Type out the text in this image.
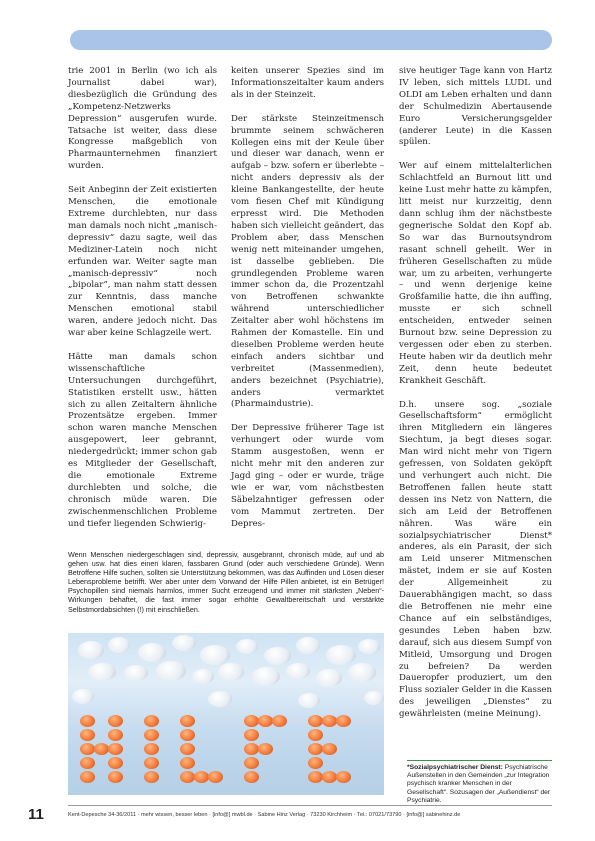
trie 2001 in Berlin (wo ich als Journalist dabei war), diesbezüglich die Gründung des „Kompetenz-Netzwerks Depression“ ausgerufen wurde. Tatsache ist weiter, dass diese Kongresse maßgeblich von Pharmaunternehmen finanziert wurden.

Seit Anbeginn der Zeit existierten Menschen, die emotionale Extreme durchlebten, nur dass man damals noch nicht „manisch-depressiv“ dazu sagte, weil das Mediziner-Latein noch nicht erfunden war. Weiter sagte man „manisch-depressiv“ noch „bipolar“, man nahm statt dessen zur Kenntnis, dass manche Menschen emotional stabil waren, andere jedoch nicht. Das war aber keine Schlagzeile wert.

Hätte man damals schon wissenschaftliche Untersuchungen durchgeführt, Statistiken erstellt usw., hätten sich zu allen Zeitaltern ähnliche Prozentsätze ergeben. Immer schon waren manche Menschen ausgepowert, leer gebrannt, niedergedrückt; immer schon gab es Mitglieder der Gesellschaft, die emotionale Extreme durchlebten und solche, die chronisch müde waren. Die zwischenmenschlichen Probleme und tiefer liegenden Schwierig-

keiten unserer Spezies sind im Informationszeitalter kaum anders als in der Steinzeit.

Der stärkste Steinzeitmensch brummte seinem schwächeren Kollegen eins mit der Keule über und dieser war danach, wenn er aufgab – bzw. sofern er überlebte – nicht anders depressiv als der kleine Bankangestellte, der heute vom fiesen Chef mit Kündigung erpresst wird. Die Methoden haben sich vielleicht geändert, das Problem aber, dass Menschen wenig nett miteinander umgehen, ist dasselbe geblieben. Die grundlegenden Probleme waren immer schon da, die Prozentzahl von Betroffenen schwankte während unterschiedlicher Zeitalter aber wohl höchstens im Rahmen der Komastelle. Ein und dieselben Probleme werden heute einfach anders sichtbar und verbreitet (Massenmedien), anders bezeichnet (Psychiatrie), anders vermarktet (Pharmaindustrie).

Der Depressive früherer Tage ist verhungert oder wurde vom Stamm ausgestoßen, wenn er nicht mehr mit den anderen zur Jagd ging – oder er wurde, träge wie er war, vom nächstbesten Säbelzahntiger gefressen oder vom Mammut zertreten. Der Depres-

sive heutiger Tage kann von Hartz IV leben, sich mittels LUDL und OLDI am Leben erhalten und dann der Schulmedizin Abertausende Euro Versicherungsgelder (anderer Leute) in die Kassen spülen.

Wer auf einem mittelalterlichen Schlachtfeld an Burnout litt und keine Lust mehr hatte zu kämpfen, litt meist nur kurzzeitig, denn dann schlug ihm der nächstbeste gegnerische Soldat den Kopf ab. So war das Burnoutsyndrom rasant schnell geheilt. Wer in früheren Gesellschaften zu müde war, um zu arbeiten, verhungerte – und wenn derjenige keine Großfamilie hatte, die ihn auffing, musste er sich schnell entscheiden, entweder seinen Burnout bzw. seine Depression zu vergessen oder eben zu sterben. Heute haben wir da deutlich mehr Zeit, denn heute bedeutet Krankheit Geschäft.

D.h. unsere sog. „soziale Gesellschaftsform“ ermöglicht ihren Mitgliedern ein längeres Siechtum, ja begt dieses sogar. Man wird nicht mehr von Tigern gefressen, von Soldaten geköpft und verhungert auch nicht. Die Betroffenen fallen heute statt dessen ins Netz von Nattern, die sich am Leid der Betroffenen nähren. Was wäre ein sozialpsychiatrischer Dienst* anderes, als ein Parasit, der sich am Leid unserer Mitmenschen mästet, indem er sie auf Kosten der Allgemeinheit zu Dauerabhängigen macht, so dass die Betroffenen nie mehr eine Chance auf ein selbständiges, gesundes Leben haben bzw. darauf, sich aus diesem Sumpf von Mitleid, Umsorgung und Drogen zu befreien? Da werden Daueropfer produziert, um den Fluss sozialer Gelder in die Kassen des jeweiligen „Dienstes“ zu gewährleisten (meine Meinung).

Wenn Menschen niedergeschlagen sind, depressiv, ausgebrannt, chronisch müde, auf und ab gehen usw. hat dies einen klaren, fassbaren Grund (oder auch verschiedene Gründe). Wenn Betroffene Hilfe suchen, sollten sie Unterstützung bekommen, was das Auffinden und Lösen dieser Lebensprobleme betrifft. Wer aber unter dem Vorwand der Hilfe Pillen anbietet, ist ein Betrüger! Psychopillen sind niemals harmlos, immer Sucht erzeugend und immer mit stärksten „Neben“-Wirkungen behaftet, die fast immer sogar erhöhte Gewaltbereitschaft und verstärkte Selbstmordabsichten (!) mit einschließen.
*Sozialpsychiatrischer Dienst: Psychiatrische Außenstellen in den Gemeinden „zur Integration psychisch kranker Menschen in der Gesellschaft“. Sozusagen der „Außendienst“ der Psychiatrie.
11	Kent-Depesche 34-36/2011 · mehr wissen, besser leben · [info@] mwbl.de · Sabine Hinz Verlag · 73230 Kirchheim · Tel.: 07021/73790 · [info@] sabinehinz.de
